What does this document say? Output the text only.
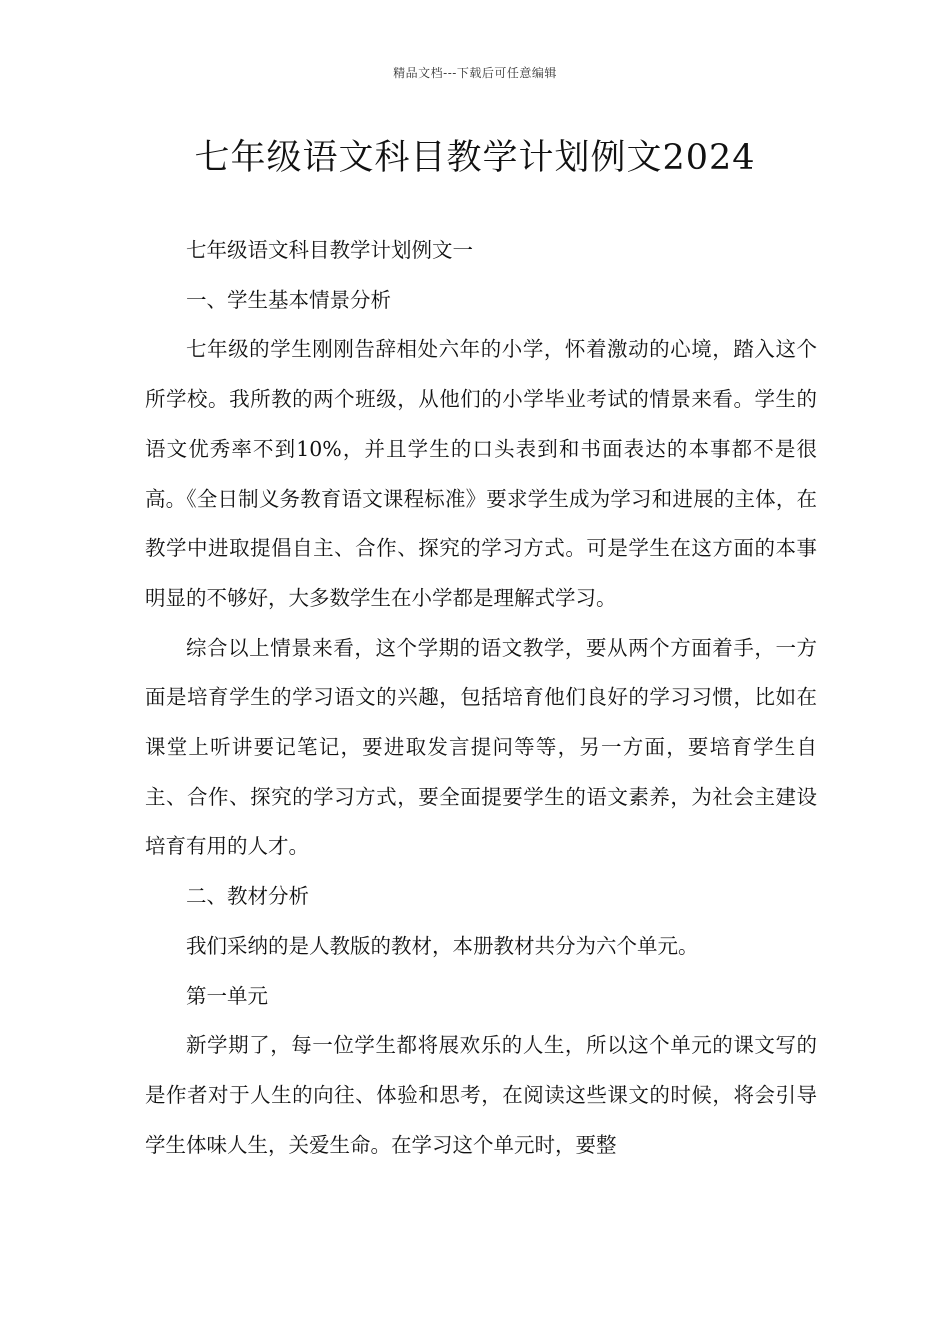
精品文档---下载后可任意编辑
七年级语文科目教学计划例文2024

七年级语文科目教学计划例文一

一、学生基本情景分析

七年级的学生刚刚告辞相处六年的小学，怀着激动的心境，踏入这个所学校。我所教的两个班级，从他们的小学毕业考试的情景来看。学生的语文优秀率不到10%，并且学生的口头表到和书面表达的本事都不是很高。《全日制义务教育语文课程标准》要求学生成为学习和进展的主体，在教学中进取提倡自主、合作、探究的学习方式。可是学生在这方面的本事明显的不够好，大多数学生在小学都是理解式学习。

综合以上情景来看，这个学期的语文教学，要从两个方面着手，一方面是培育学生的学习语文的兴趣，包括培育他们良好的学习习惯，比如在课堂上听讲要记笔记，要进取发言提问等等，另一方面，要培育学生自主、合作、探究的学习方式，要全面提要学生的语文素养，为社会主建设培育有用的人才。

二、教材分析

我们采纳的是人教版的教材，本册教材共分为六个单元。

第一单元

新学期了，每一位学生都将展欢乐的人生，所以这个单元的课文写的是作者对于人生的向往、体验和思考，在阅读这些课文的时候，将会引导学生体味人生，关爱生命。在学习这个单元时，要整
